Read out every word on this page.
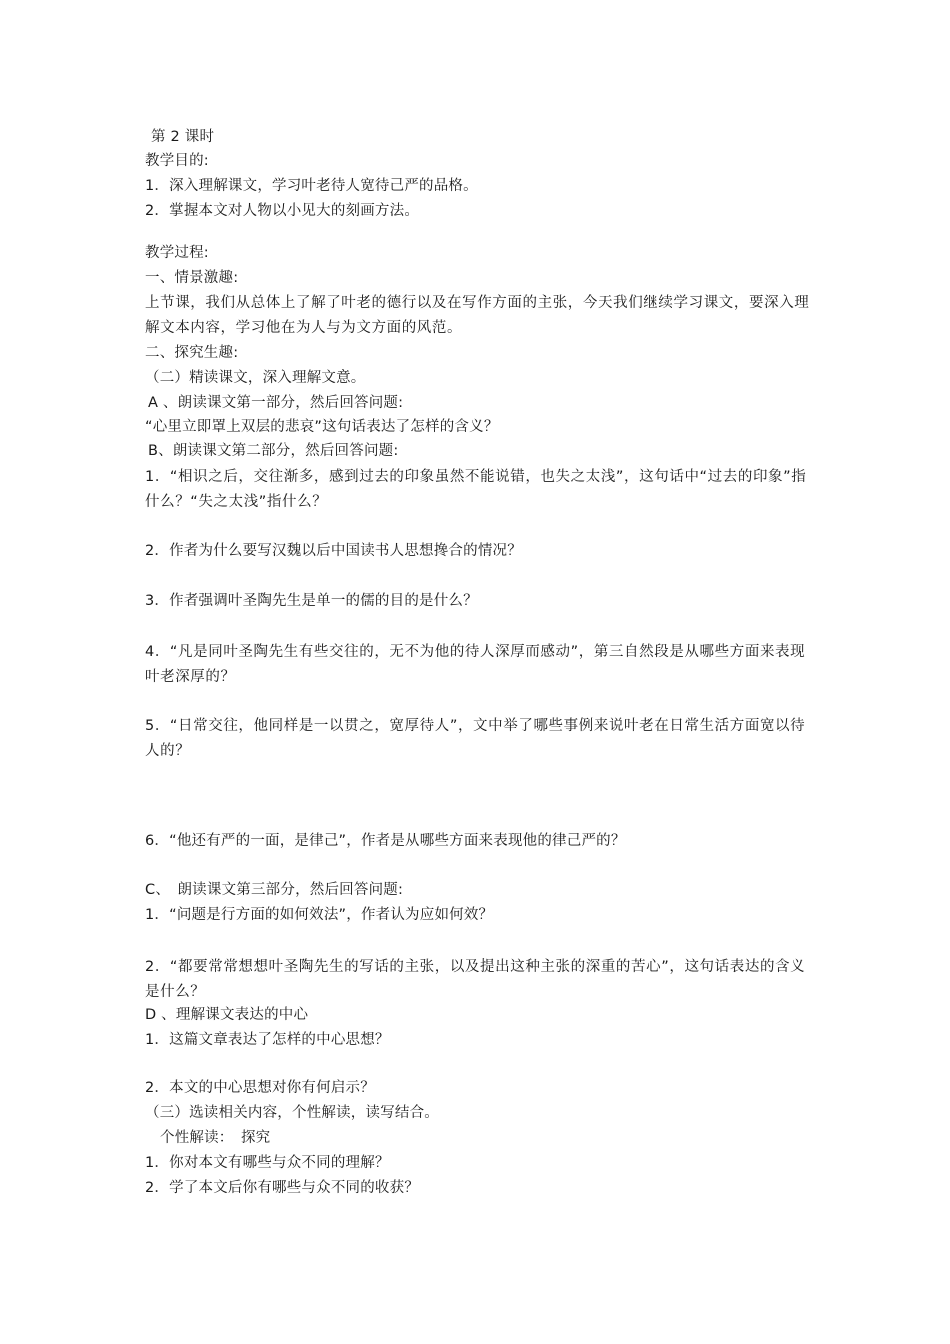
第 2 课时
教学目的:
1．深入理解课文，学习叶老待人宽待己严的品格。
2．掌握本文对人物以小见大的刻画方法。
教学过程:
一、情景激趣:
上节课，我们从总体上了解了叶老的德行以及在写作方面的主张，今天我们继续学习课文，要深入理解文本内容，学习他在为人与为文方面的风范。
二、探究生趣:
（二）精读课文，深入理解文意。
A 、朗读课文第一部分，然后回答问题:
“心里立即罩上双层的悲哀”这句话表达了怎样的含义？
B、朗读课文第二部分，然后回答问题:
1．“相识之后，交往渐多，感到过去的印象虽然不能说错，也失之太浅”，这句话中“过去的印象”指什么？“失之太浅”指什么？
2．作者为什么要写汉魏以后中国读书人思想搀合的情况？
3．作者强调叶圣陶先生是单一的儒的目的是什么？
4．“凡是同叶圣陶先生有些交往的，无不为他的待人深厚而感动”，第三自然段是从哪些方面来表现叶老深厚的？
5．“日常交往，他同样是一以贯之，宽厚待人”，文中举了哪些事例来说叶老在日常生活方面宽以待人的？
6．“他还有严的一面，是律己”，作者是从哪些方面来表现他的律己严的？
C、　朗读课文第三部分，然后回答问题:
1．“问题是行方面的如何效法”，作者认为应如何效？
2．“都要常常想想叶圣陶先生的写话的主张，以及提出这种主张的深重的苦心”，这句话表达的含义是什么？
D 、理解课文表达的中心
1．这篇文章表达了怎样的中心思想？
2．本文的中心思想对你有何启示？
（三）选读相关内容，个性解读，读写结合。
个性解读：　探究
1．你对本文有哪些与众不同的理解？
2．学了本文后你有哪些与众不同的收获？
